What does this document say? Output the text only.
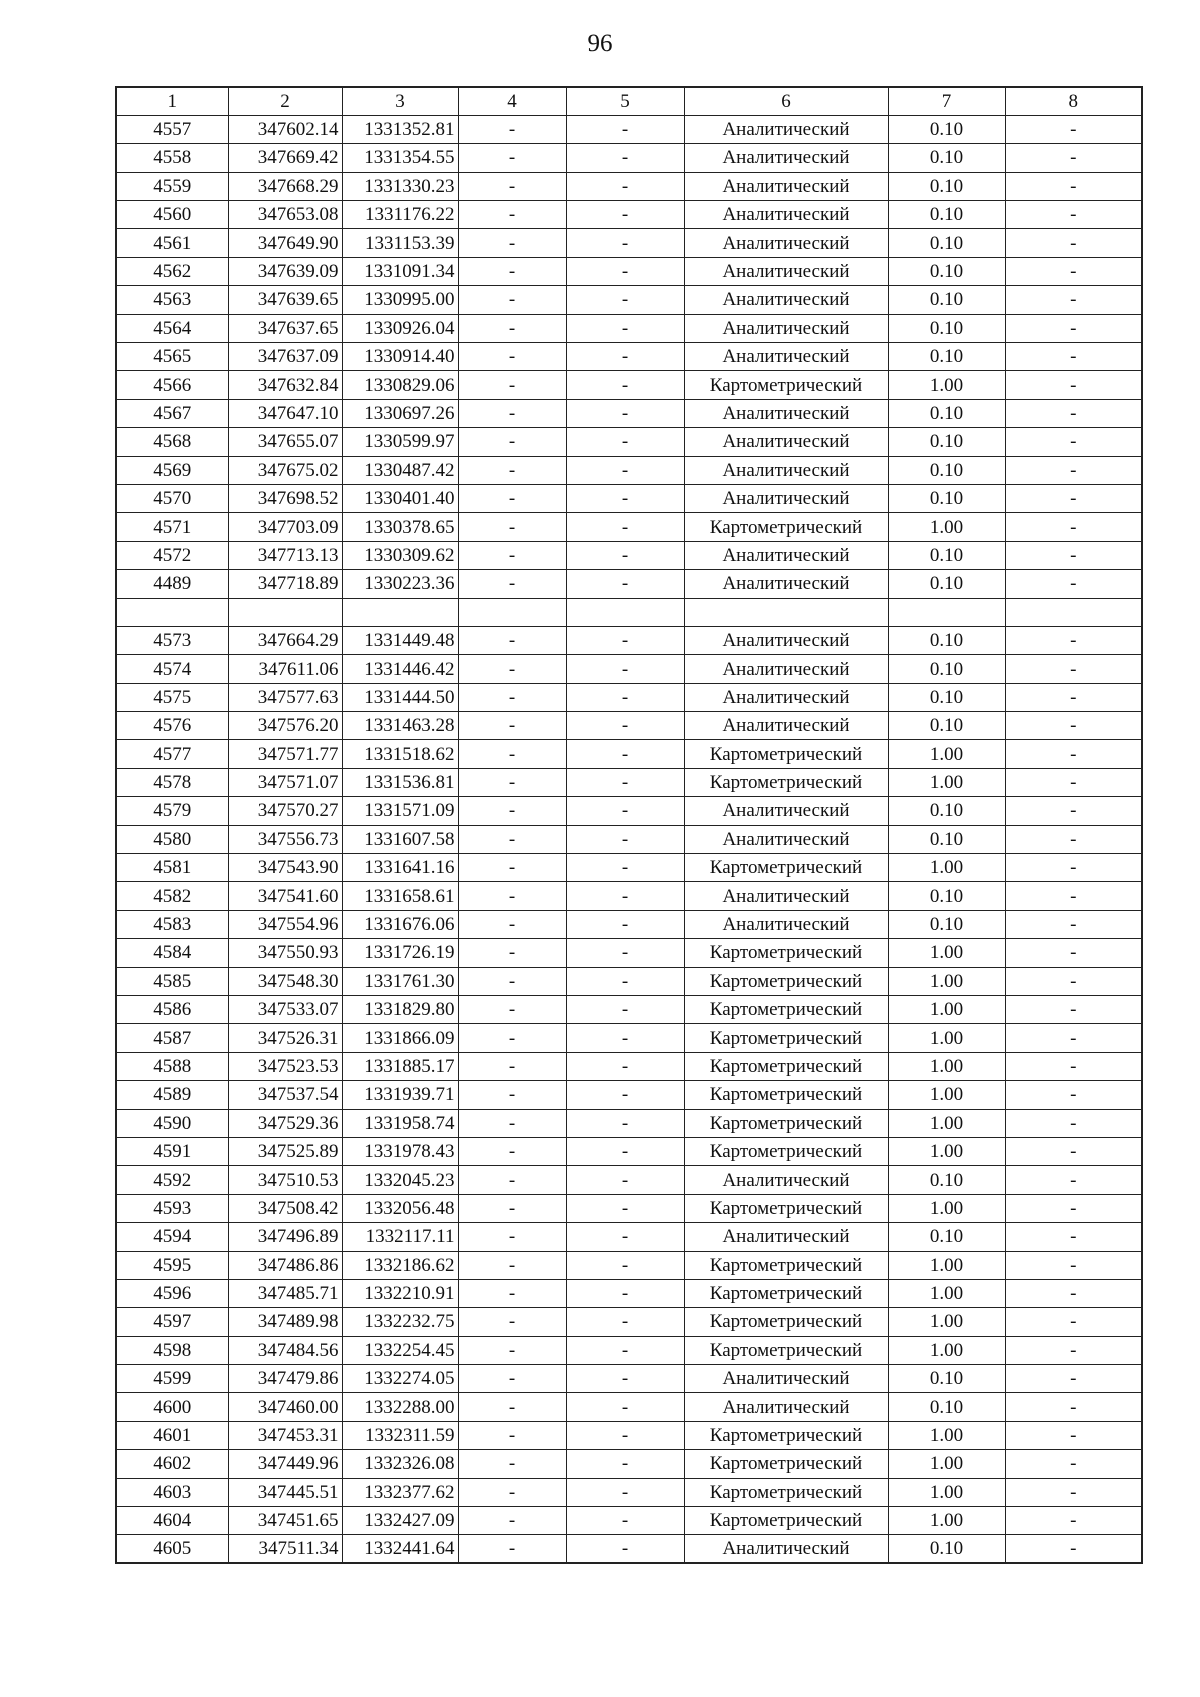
96
1	2	3	4	5	6	7	8
4557	347602.14	1331352.81	-	-	Аналитический	0.10	-
4558	347669.42	1331354.55	-	-	Аналитический	0.10	-
4559	347668.29	1331330.23	-	-	Аналитический	0.10	-
4560	347653.08	1331176.22	-	-	Аналитический	0.10	-
4561	347649.90	1331153.39	-	-	Аналитический	0.10	-
4562	347639.09	1331091.34	-	-	Аналитический	0.10	-
4563	347639.65	1330995.00	-	-	Аналитический	0.10	-
4564	347637.65	1330926.04	-	-	Аналитический	0.10	-
4565	347637.09	1330914.40	-	-	Аналитический	0.10	-
4566	347632.84	1330829.06	-	-	Картометрический	1.00	-
4567	347647.10	1330697.26	-	-	Аналитический	0.10	-
4568	347655.07	1330599.97	-	-	Аналитический	0.10	-
4569	347675.02	1330487.42	-	-	Аналитический	0.10	-
4570	347698.52	1330401.40	-	-	Аналитический	0.10	-
4571	347703.09	1330378.65	-	-	Картометрический	1.00	-
4572	347713.13	1330309.62	-	-	Аналитический	0.10	-
4489	347718.89	1330223.36	-	-	Аналитический	0.10	-

4573	347664.29	1331449.48	-	-	Аналитический	0.10	-
4574	347611.06	1331446.42	-	-	Аналитический	0.10	-
4575	347577.63	1331444.50	-	-	Аналитический	0.10	-
4576	347576.20	1331463.28	-	-	Аналитический	0.10	-
4577	347571.77	1331518.62	-	-	Картометрический	1.00	-
4578	347571.07	1331536.81	-	-	Картометрический	1.00	-
4579	347570.27	1331571.09	-	-	Аналитический	0.10	-
4580	347556.73	1331607.58	-	-	Аналитический	0.10	-
4581	347543.90	1331641.16	-	-	Картометрический	1.00	-
4582	347541.60	1331658.61	-	-	Аналитический	0.10	-
4583	347554.96	1331676.06	-	-	Аналитический	0.10	-
4584	347550.93	1331726.19	-	-	Картометрический	1.00	-
4585	347548.30	1331761.30	-	-	Картометрический	1.00	-
4586	347533.07	1331829.80	-	-	Картометрический	1.00	-
4587	347526.31	1331866.09	-	-	Картометрический	1.00	-
4588	347523.53	1331885.17	-	-	Картометрический	1.00	-
4589	347537.54	1331939.71	-	-	Картометрический	1.00	-
4590	347529.36	1331958.74	-	-	Картометрический	1.00	-
4591	347525.89	1331978.43	-	-	Картометрический	1.00	-
4592	347510.53	1332045.23	-	-	Аналитический	0.10	-
4593	347508.42	1332056.48	-	-	Картометрический	1.00	-
4594	347496.89	1332117.11	-	-	Аналитический	0.10	-
4595	347486.86	1332186.62	-	-	Картометрический	1.00	-
4596	347485.71	1332210.91	-	-	Картометрический	1.00	-
4597	347489.98	1332232.75	-	-	Картометрический	1.00	-
4598	347484.56	1332254.45	-	-	Картометрический	1.00	-
4599	347479.86	1332274.05	-	-	Аналитический	0.10	-
4600	347460.00	1332288.00	-	-	Аналитический	0.10	-
4601	347453.31	1332311.59	-	-	Картометрический	1.00	-
4602	347449.96	1332326.08	-	-	Картометрический	1.00	-
4603	347445.51	1332377.62	-	-	Картометрический	1.00	-
4604	347451.65	1332427.09	-	-	Картометрический	1.00	-
4605	347511.34	1332441.64	-	-	Аналитический	0.10	-
